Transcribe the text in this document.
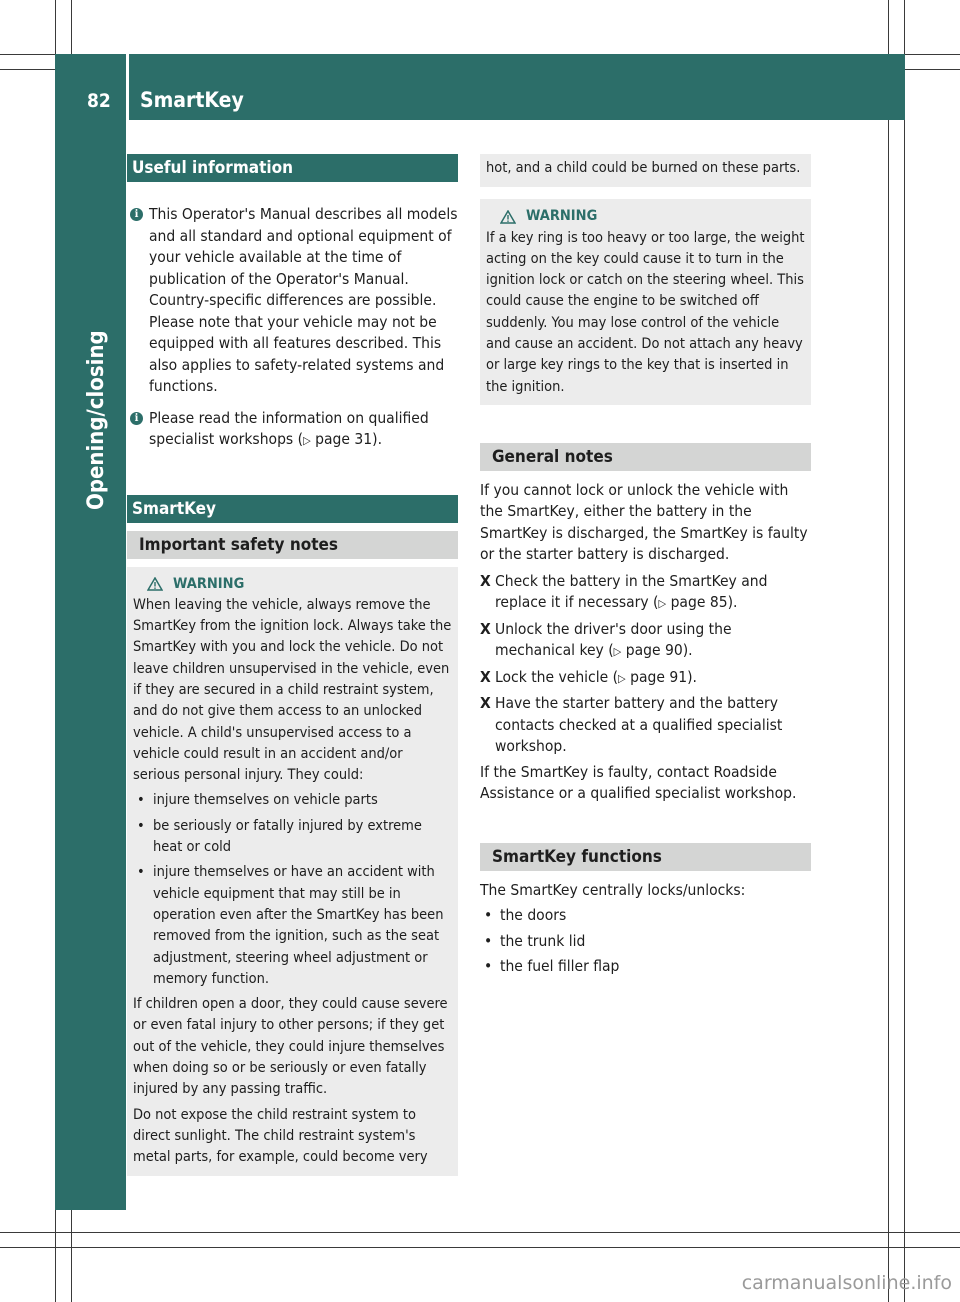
82 SmartKey
Opening/closing
Useful information
i This Operator's Manual describes all models and all standard and optional equipment of your vehicle available at the time of publication of the Operator's Manual. Country-specific differences are possible. Please note that your vehicle may not be equipped with all features described. This also applies to safety-related systems and functions.

i Please read the information on qualified specialist workshops (▷ page 31).

SmartKey
Important safety notes
WARNING

When leaving the vehicle, always remove the SmartKey from the ignition lock. Always take the SmartKey with you and lock the vehicle. Do not leave children unsupervised in the vehicle, even if they are secured in a child restraint system, and do not give them access to an unlocked vehicle. A child's unsupervised access to a vehicle could result in an accident and/or serious personal injury. They could:

• injure themselves on vehicle parts
• be seriously or fatally injured by extreme heat or cold
• injure themselves or have an accident with vehicle equipment that may still be in operation even after the SmartKey has been removed from the ignition, such as the seat adjustment, steering wheel adjustment or memory function.

If children open a door, they could cause severe or even fatal injury to other persons; if they get out of the vehicle, they could injure themselves when doing so or be seriously or even fatally injured by any passing traffic.

Do not expose the child restraint system to direct sunlight. The child restraint system's metal parts, for example, could become very

hot, and a child could be burned on these parts.

WARNING

If a key ring is too heavy or too large, the weight acting on the key could cause it to turn in the ignition lock or catch on the steering wheel. This could cause the engine to be switched off suddenly. You may lose control of the vehicle and cause an accident. Do not attach any heavy or large key rings to the key that is inserted in the ignition.

General notes

If you cannot lock or unlock the vehicle with the SmartKey, either the battery in the SmartKey is discharged, the SmartKey is faulty or the starter battery is discharged.

X Check the battery in the SmartKey and replace it if necessary (▷ page 85).
X Unlock the driver's door using the mechanical key (▷ page 90).
X Lock the vehicle (▷ page 91).
X Have the starter battery and the battery contacts checked at a qualified specialist workshop.

If the SmartKey is faulty, contact Roadside Assistance or a qualified specialist workshop.

SmartKey functions

The SmartKey centrally locks/unlocks:

• the doors
• the trunk lid
• the fuel filler flap
carmanualsonline.info
